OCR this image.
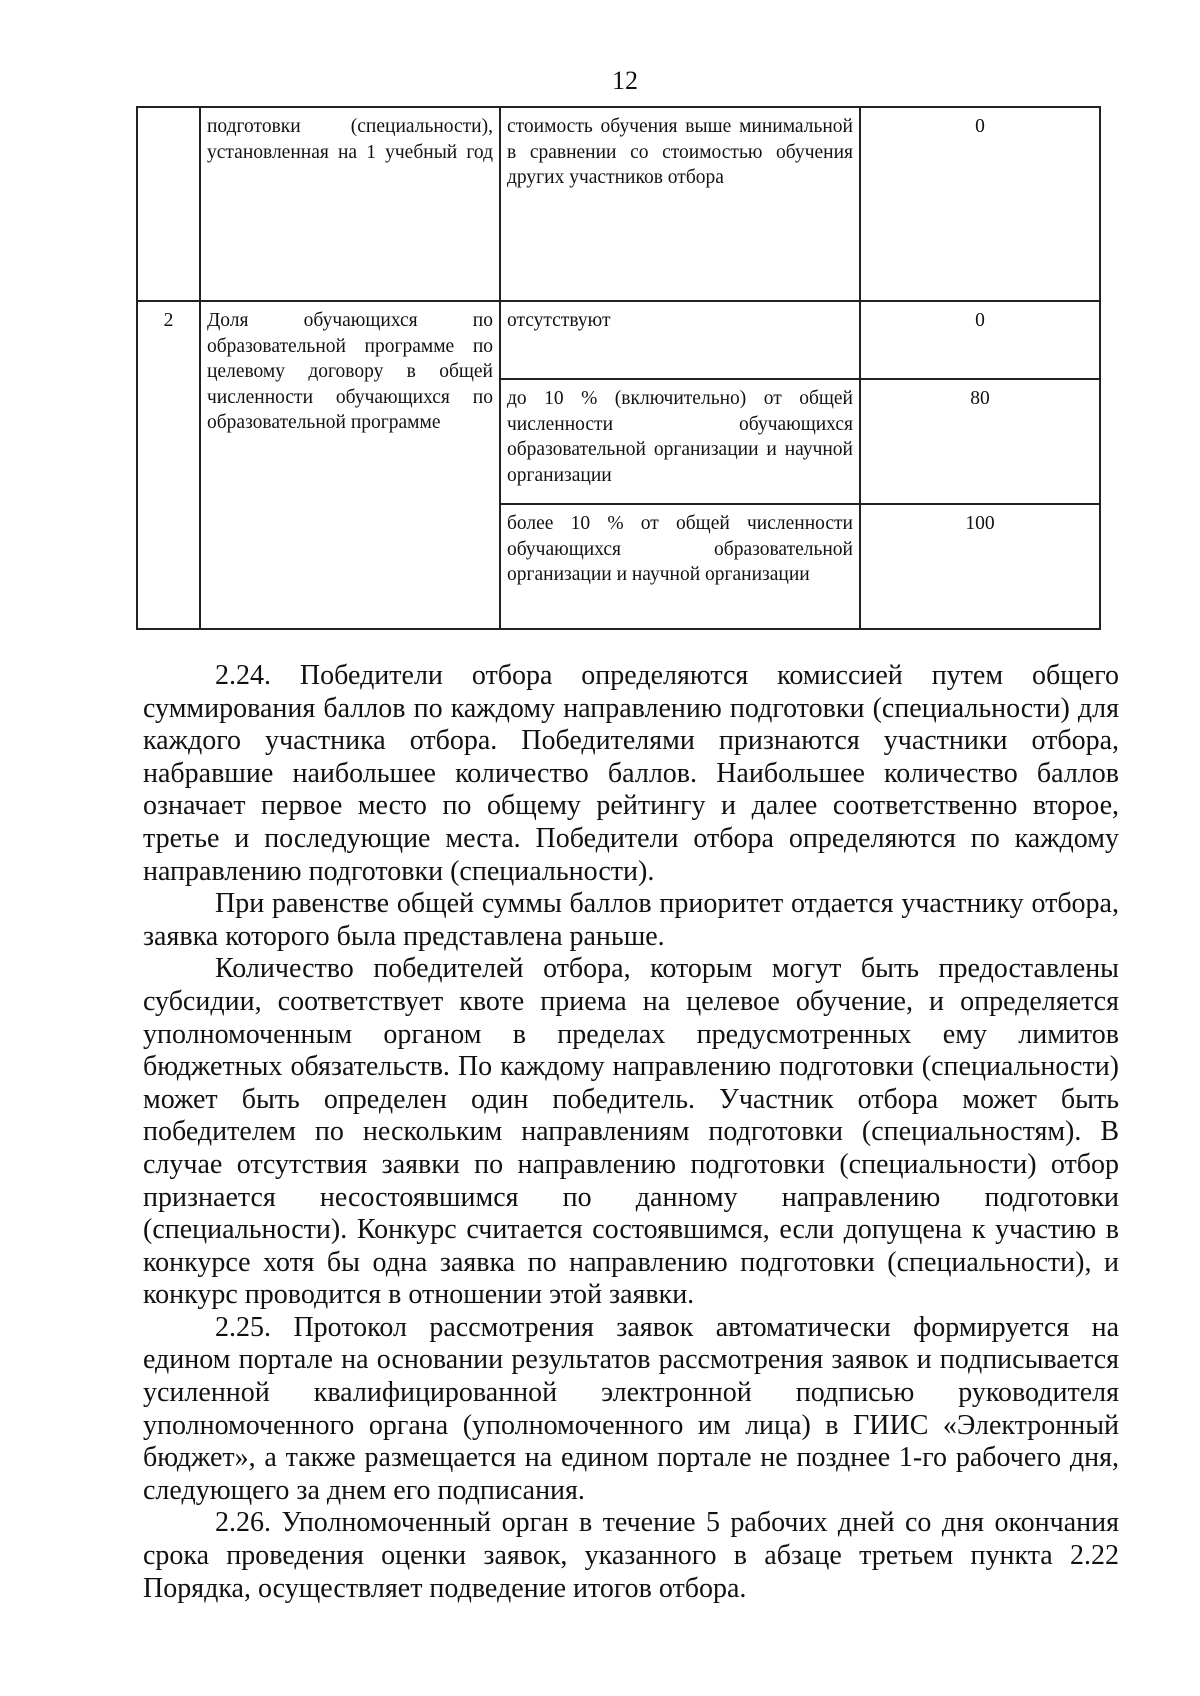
12
	подготовки (специальности), установленная на 1 учебный год	стоимость обучения выше минимальной в сравнении со стоимостью обучения других участников отбора	0
2	Доля обучающихся по образовательной программе по целевому договору в общей численности обучающихся по образовательной программе	отсутствуют	0
		до 10 % (включительно) от общей численности обучающихся образовательной организации и научной организации	80
		более 10 % от общей численности обучающихся образовательной организации и научной организации	100

2.24. Победители отбора определяются комиссией путем общего суммирования баллов по каждому направлению подготовки (специальности) для каждого участника отбора. Победителями признаются участники отбора, набравшие наибольшее количество баллов. Наибольшее количество баллов означает первое место по общему рейтингу и далее соответственно второе, третье и последующие места. Победители отбора определяются по каждому направлению подготовки (специальности).

При равенстве общей суммы баллов приоритет отдается участнику отбора, заявка которого была представлена раньше.

Количество победителей отбора, которым могут быть предоставлены субсидии, соответствует квоте приема на целевое обучение, и определяется уполномоченным органом в пределах предусмотренных ему лимитов бюджетных обязательств. По каждому направлению подготовки (специальности) может быть определен один победитель. Участник отбора может быть победителем по нескольким направлениям подготовки (специальностям). В случае отсутствия заявки по направлению подготовки (специальности) отбор признается несостоявшимся по данному направлению подготовки (специальности). Конкурс считается состоявшимся, если допущена к участию в конкурсе хотя бы одна заявка по направлению подготовки (специальности), и конкурс проводится в отношении этой заявки.

2.25. Протокол рассмотрения заявок автоматически формируется на едином портале на основании результатов рассмотрения заявок и подписывается усиленной квалифицированной электронной подписью руководителя уполномоченного органа (уполномоченного им лица) в ГИИС «Электронный бюджет», а также размещается на едином портале не позднее 1-го рабочего дня, следующего за днем его подписания.

2.26. Уполномоченный орган в течение 5 рабочих дней со дня окончания срока проведения оценки заявок, указанного в абзаце третьем пункта 2.22 Порядка, осуществляет подведение итогов отбора.
